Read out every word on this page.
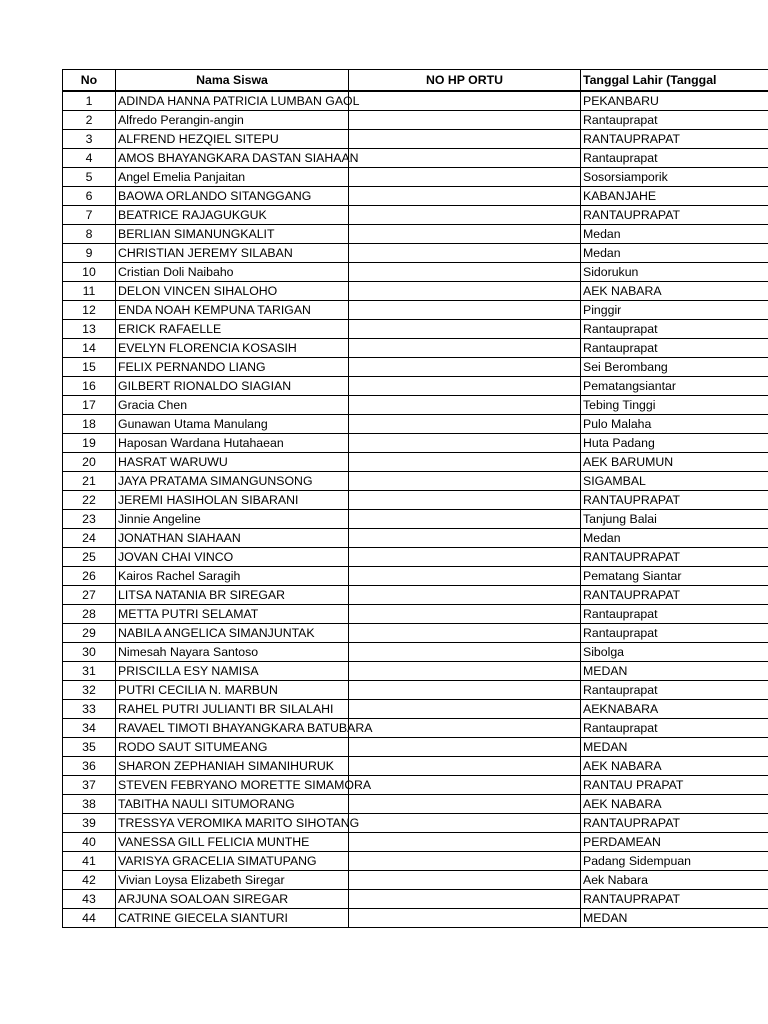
No	Nama Siswa	NO HP ORTU	Tanggal Lahir (Tanggal
1	ADINDA HANNA PATRICIA LUMBAN GAOL		PEKANBARU
2	Alfredo Perangin-angin		Rantauprapat
3	ALFREND HEZQIEL SITEPU		RANTAUPRAPAT
4	AMOS BHAYANGKARA DASTAN SIAHAAN		Rantauprapat
5	Angel Emelia Panjaitan		Sosorsiamporik
6	BAOWA ORLANDO SITANGGANG		KABANJAHE
7	BEATRICE RAJAGUKGUK		RANTAUPRAPAT
8	BERLIAN SIMANUNGKALIT		Medan
9	CHRISTIAN JEREMY SILABAN		Medan
10	Cristian Doli Naibaho		Sidorukun
11	DELON VINCEN SIHALOHO		AEK NABARA
12	ENDA NOAH KEMPUNA TARIGAN		Pinggir
13	ERICK RAFAELLE		Rantauprapat
14	EVELYN FLORENCIA KOSASIH		Rantauprapat
15	FELIX PERNANDO LIANG		Sei Berombang
16	GILBERT RIONALDO SIAGIAN		Pematangsiantar
17	Gracia Chen		Tebing Tinggi
18	Gunawan Utama Manulang		Pulo Malaha
19	Haposan Wardana Hutahaean		Huta Padang
20	HASRAT WARUWU		AEK BARUMUN
21	JAYA PRATAMA SIMANGUNSONG		SIGAMBAL
22	JEREMI HASIHOLAN SIBARANI		RANTAUPRAPAT
23	Jinnie Angeline		Tanjung Balai
24	JONATHAN SIAHAAN		Medan
25	JOVAN CHAI VINCO		RANTAUPRAPAT
26	Kairos Rachel Saragih		Pematang Siantar
27	LITSA NATANIA BR SIREGAR		RANTAUPRAPAT
28	METTA PUTRI SELAMAT		Rantauprapat
29	NABILA ANGELICA SIMANJUNTAK		Rantauprapat
30	Nimesah Nayara Santoso		Sibolga
31	PRISCILLA ESY NAMISA		MEDAN
32	PUTRI CECILIA N. MARBUN		Rantauprapat
33	RAHEL PUTRI JULIANTI BR SILALAHI		AEKNABARA
34	RAVAEL TIMOTI BHAYANGKARA BATUBARA		Rantauprapat
35	RODO SAUT SITUMEANG		MEDAN
36	SHARON ZEPHANIAH SIMANIHURUK		AEK NABARA
37	STEVEN FEBRYANO MORETTE SIMAMORA		RANTAU PRAPAT
38	TABITHA NAULI SITUMORANG		AEK NABARA
39	TRESSYA VEROMIKA MARITO SIHOTANG		RANTAUPRAPAT
40	VANESSA GILL FELICIA MUNTHE		PERDAMEAN
41	VARISYA GRACELIA SIMATUPANG		Padang Sidempuan
42	Vivian Loysa Elizabeth Siregar		Aek Nabara
43	ARJUNA SOALOAN SIREGAR		RANTAUPRAPAT
44	CATRINE GIECELA SIANTURI		MEDAN
